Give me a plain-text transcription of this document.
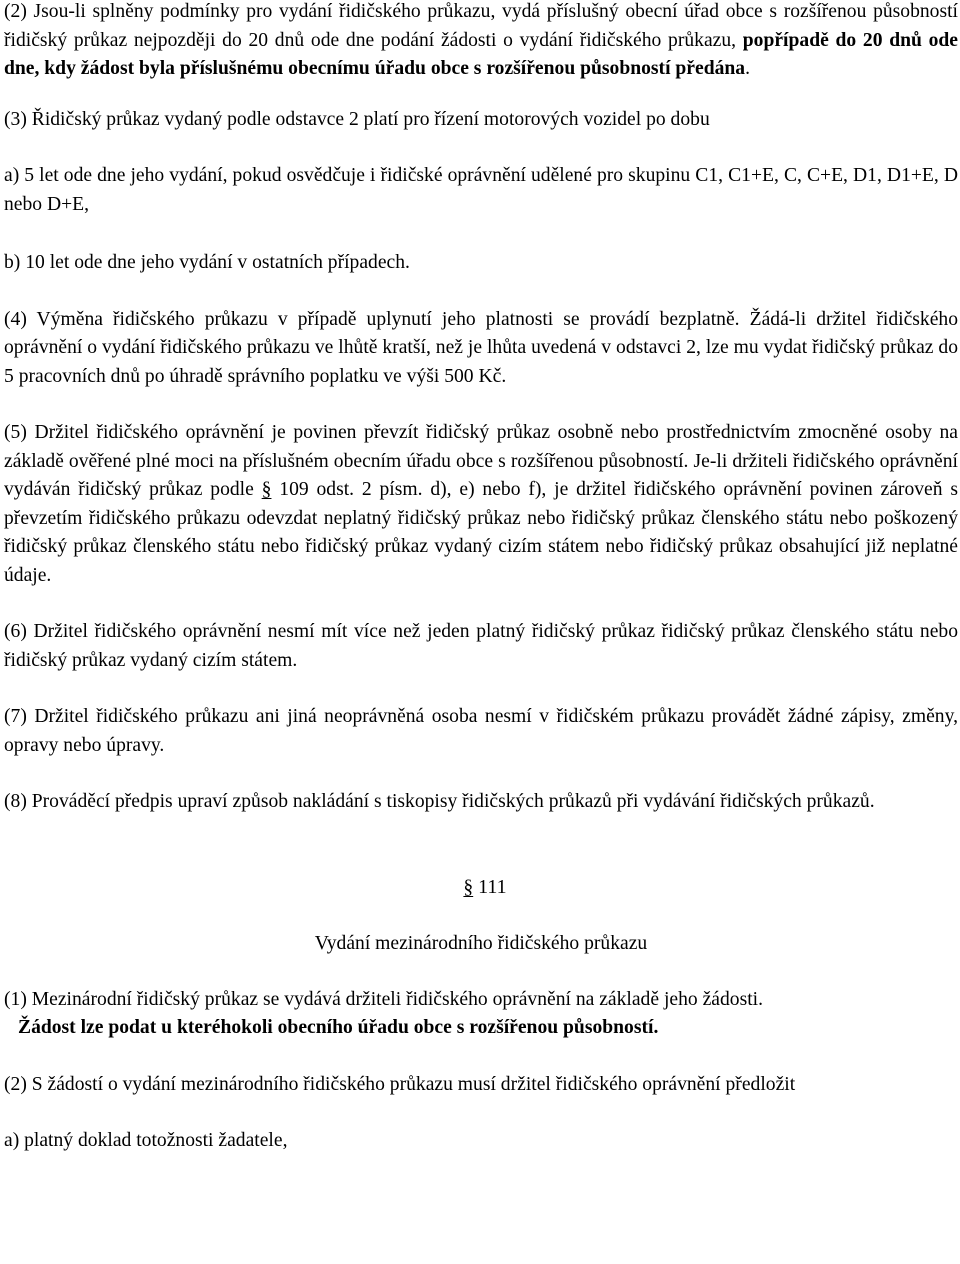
(2) Jsou-li splněny podmínky pro vydání řidičského průkazu, vydá příslušný obecní úřad obce s rozšířenou působností řidičský průkaz nejpozději do 20 dnů ode dne podání žádosti o vydání řidičského průkazu, popřípadě do 20 dnů ode dne, kdy žádost byla příslušnému obecnímu úřadu obce s rozšířenou působností předána.

(3) Řidičský průkaz vydaný podle odstavce 2 platí pro řízení motorových vozidel po dobu

a) 5 let ode dne jeho vydání, pokud osvědčuje i řidičské oprávnění udělené pro skupinu C1, C1+E, C, C+E, D1, D1+E, D nebo D+E,

b) 10 let ode dne jeho vydání v ostatních případech.

(4) Výměna řidičského průkazu v případě uplynutí jeho platnosti se provádí bezplatně. Žádá-li držitel řidičského oprávnění o vydání řidičského průkazu ve lhůtě kratší, než je lhůta uvedená v odstavci 2, lze mu vydat řidičský průkaz do 5 pracovních dnů po úhradě správního poplatku ve výši 500 Kč.

(5) Držitel řidičského oprávnění je povinen převzít řidičský průkaz osobně nebo prostřednictvím zmocněné osoby na základě ověřené plné moci na příslušném obecním úřadu obce s rozšířenou působností. Je-li držiteli řidičského oprávnění vydáván řidičský průkaz podle § 109 odst. 2 písm. d), e) nebo f), je držitel řidičského oprávnění povinen zároveň s převzetím řidičského průkazu odevzdat neplatný řidičský průkaz nebo řidičský průkaz členského státu nebo poškozený řidičský průkaz členského státu nebo řidičský průkaz vydaný cizím státem nebo řidičský průkaz obsahující již neplatné údaje.

(6) Držitel řidičského oprávnění nesmí mít více než jeden platný řidičský průkaz řidičský průkaz členského státu nebo řidičský průkaz vydaný cizím státem.

(7) Držitel řidičského průkazu ani jiná neoprávněná osoba nesmí v řidičském průkazu provádět žádné zápisy, změny, opravy nebo úpravy.

(8) Prováděcí předpis upraví způsob nakládání s tiskopisy řidičských průkazů při vydávání řidičských průkazů.

§ 111

Vydání mezinárodního řidičského průkazu

(1) Mezinárodní řidičský průkaz se vydává držiteli řidičského oprávnění na základě jeho žádosti.
Žádost lze podat u kteréhokoli obecního úřadu obce s rozšířenou působností.

(2) S žádostí o vydání mezinárodního řidičského průkazu musí držitel řidičského oprávnění předložit

a) platný doklad totožnosti žadatele,
